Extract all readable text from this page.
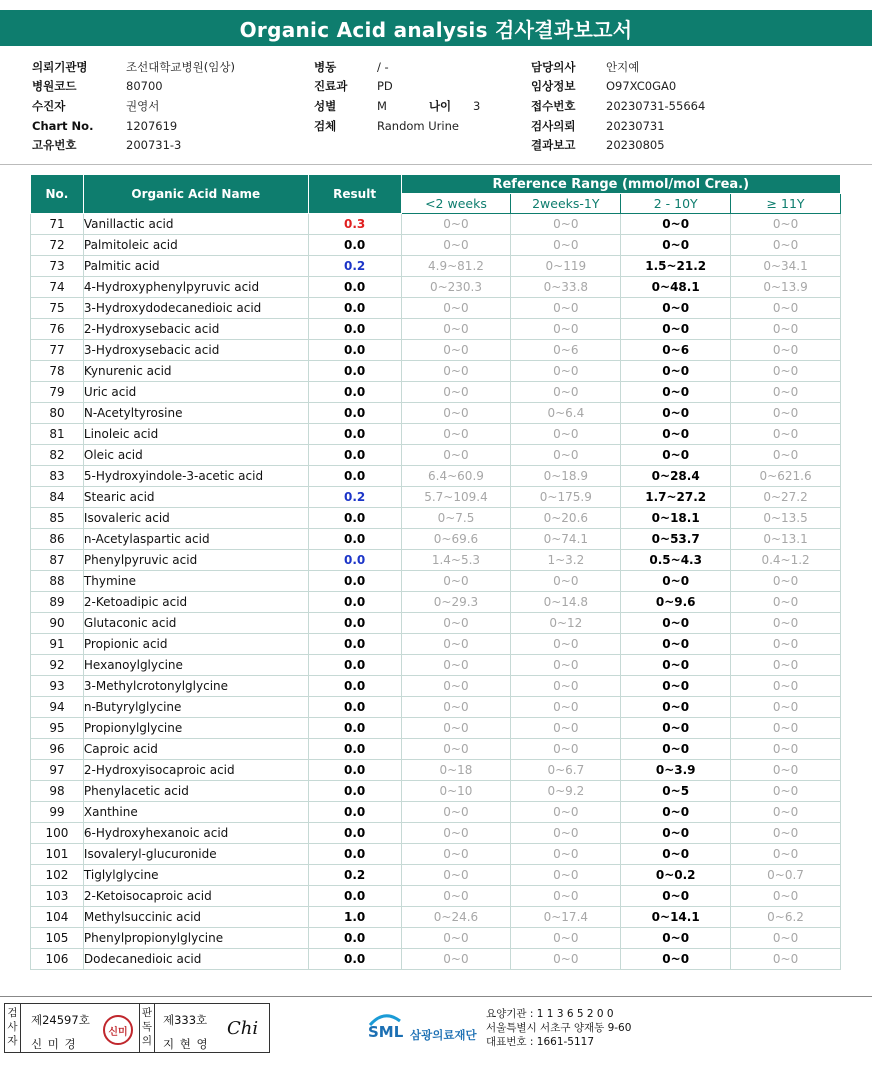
Organic Acid analysis 검사결과보고서
의뢰기관명	조선대학교병원(임상)
병원코드	80700
수진자	권영서
Chart No.	1207619
고유번호	200731-3
병동	/ -
진료과	PD
성별	M	나이	3
검체	Random Urine
담당의사	안지예
임상정보	O97XC0GA0
접수번호	20230731-55664
검사의뢰	20230731
결과보고	20230805
No.	Organic Acid Name	Result	Reference Range (mmol/mol Crea.)			
			<2 weeks	2weeks-1Y	2 - 10Y	≥ 11Y
71	Vanillactic acid	0.3	0~0	0~0	0~0	0~0
72	Palmitoleic acid	0.0	0~0	0~0	0~0	0~0
73	Palmitic acid	0.2	4.9~81.2	0~119	1.5~21.2	0~34.1
74	4-Hydroxyphenylpyruvic acid	0.0	0~230.3	0~33.8	0~48.1	0~13.9
75	3-Hydroxydodecanedioic acid	0.0	0~0	0~0	0~0	0~0
76	2-Hydroxysebacic acid	0.0	0~0	0~0	0~0	0~0
77	3-Hydroxysebacic acid	0.0	0~0	0~6	0~6	0~0
78	Kynurenic acid	0.0	0~0	0~0	0~0	0~0
79	Uric acid	0.0	0~0	0~0	0~0	0~0
80	N-Acetyltyrosine	0.0	0~0	0~6.4	0~0	0~0
81	Linoleic acid	0.0	0~0	0~0	0~0	0~0
82	Oleic acid	0.0	0~0	0~0	0~0	0~0
83	5-Hydroxyindole-3-acetic acid	0.0	6.4~60.9	0~18.9	0~28.4	0~621.6
84	Stearic acid	0.2	5.7~109.4	0~175.9	1.7~27.2	0~27.2
85	Isovaleric acid	0.0	0~7.5	0~20.6	0~18.1	0~13.5
86	n-Acetylaspartic acid	0.0	0~69.6	0~74.1	0~53.7	0~13.1
87	Phenylpyruvic acid	0.0	1.4~5.3	1~3.2	0.5~4.3	0.4~1.2
88	Thymine	0.0	0~0	0~0	0~0	0~0
89	2-Ketoadipic acid	0.0	0~29.3	0~14.8	0~9.6	0~0
90	Glutaconic acid	0.0	0~0	0~12	0~0	0~0
91	Propionic acid	0.0	0~0	0~0	0~0	0~0
92	Hexanoylglycine	0.0	0~0	0~0	0~0	0~0
93	3-Methylcrotonylglycine	0.0	0~0	0~0	0~0	0~0
94	n-Butyrylglycine	0.0	0~0	0~0	0~0	0~0
95	Propionylglycine	0.0	0~0	0~0	0~0	0~0
96	Caproic acid	0.0	0~0	0~0	0~0	0~0
97	2-Hydroxyisocaproic acid	0.0	0~18	0~6.7	0~3.9	0~0
98	Phenylacetic acid	0.0	0~10	0~9.2	0~5	0~0
99	Xanthine	0.0	0~0	0~0	0~0	0~0
100	6-Hydroxyhexanoic acid	0.0	0~0	0~0	0~0	0~0
101	Isovaleryl-glucuronide	0.0	0~0	0~0	0~0	0~0
102	Tiglylglycine	0.2	0~0	0~0	0~0.2	0~0.7
103	2-Ketoisocaproic acid	0.0	0~0	0~0	0~0	0~0
104	Methylsuccinic acid	1.0	0~24.6	0~17.4	0~14.1	0~6.2
105	Phenylpropionylglycine	0.0	0~0	0~0	0~0	0~0
106	Dodecanedioic acid	0.0	0~0	0~0	0~0	0~0
검사자
제24597호
신 미 경
신미
판독의
제333호
지 현 영
Chi	SML 삼광의료재단
요양기관 : 1 1 3 6 5 2 0 0
서울특별시 서초구 양재동 9-60
대표번호 : 1661-5117
